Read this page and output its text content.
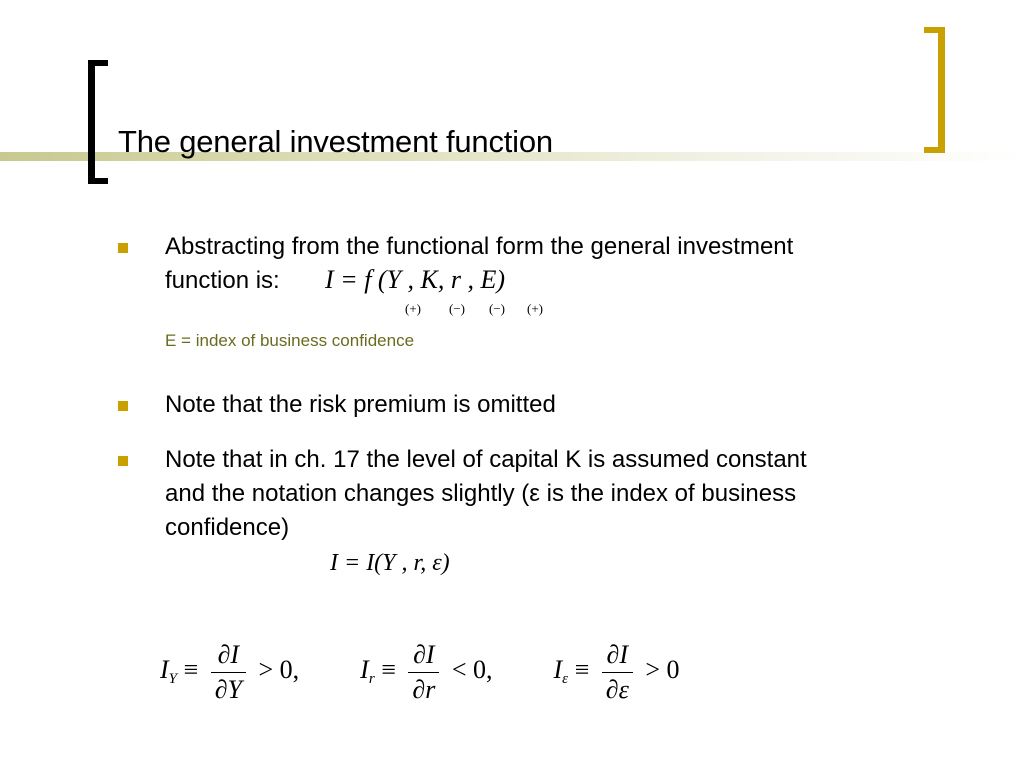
The general investment function
Abstracting from the functional form the general investment
function is: I = f (Y , K, r , E)
(+) (−) (−) (+)
E = index of business confidence
Note that the risk premium is omitted
Note that in ch. 17 the level of capital K is assumed constant
and the notation changes slightly (ε is the index of business
confidence)
I = I(Y , r, ε)
$I_Y \equiv \frac{\partial I}{\partial Y} > 0$, $I_r \equiv \frac{\partial I}{\partial r} < 0$, $I_\varepsilon \equiv \frac{\partial I}{\partial\varepsilon} > 0$
